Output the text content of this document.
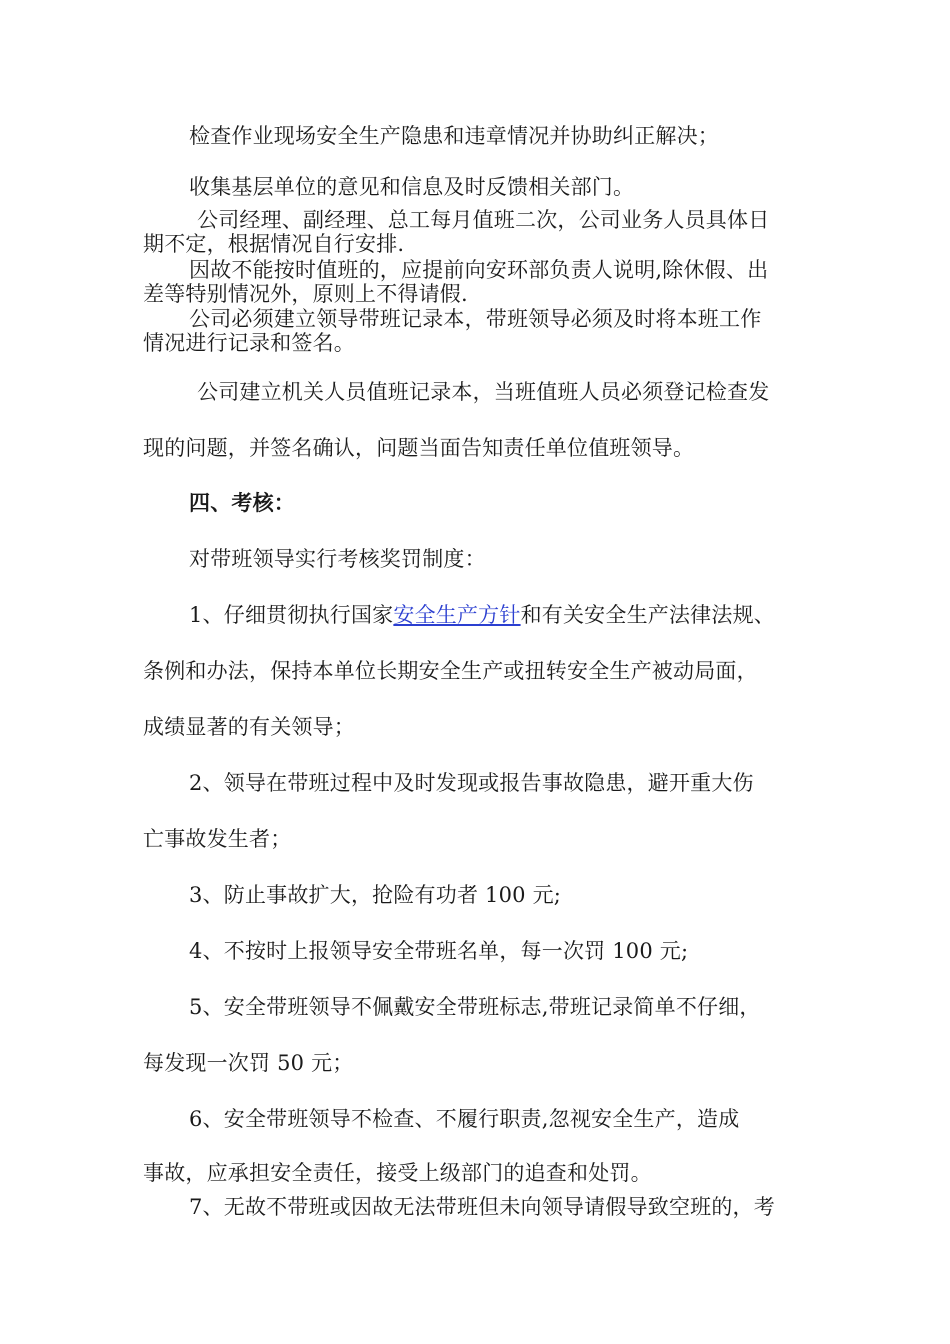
检查作业现场安全生产隐患和违章情况并协助纠正解决；
收集基层单位的意见和信息及时反馈相关部门。
公司经理、副经理、总工每月值班二次，公司业务人员具体日
期不定，根据情况自行安排.
因故不能按时值班的，应提前向安环部负责人说明,除休假、出
差等特别情况外，原则上不得请假.
公司必须建立领导带班记录本，带班领导必须及时将本班工作
情况进行记录和签名。
公司建立机关人员值班记录本，当班值班人员必须登记检查发
现的问题，并签名确认，问题当面告知责任单位值班领导。
四、考核：
对带班领导实行考核奖罚制度：
1、仔细贯彻执行国家安全生产方针和有关安全生产法律法规、
条例和办法，保持本单位长期安全生产或扭转安全生产被动局面，
成绩显著的有关领导；
2、领导在带班过程中及时发现或报告事故隐患，避开重大伤
亡事故发生者；
3、防止事故扩大，抢险有功者 100 元;
4、不按时上报领导安全带班名单，每一次罚 100 元;
5、安全带班领导不佩戴安全带班标志,带班记录简单不仔细，
每发现一次罚 50 元；
6、安全带班领导不检查、不履行职责,忽视安全生产，造成
事故，应承担安全责任，接受上级部门的追查和处罚。
7、无故不带班或因故无法带班但未向领导请假导致空班的，考
